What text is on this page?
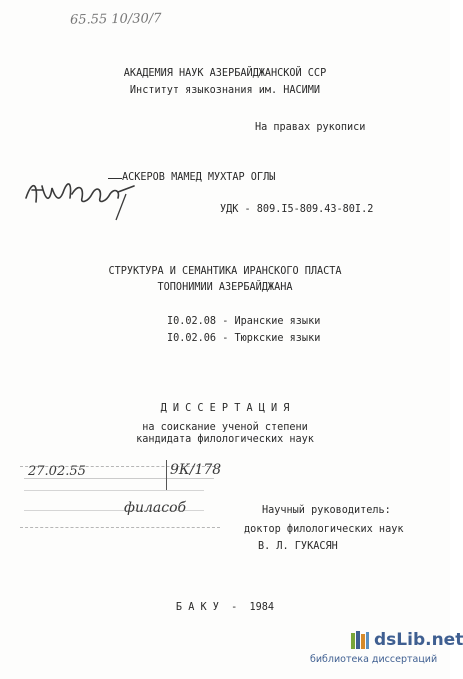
65.55 10/30/7
АКАДЕМИЯ НАУК АЗЕРБАЙДЖАНСКОЙ ССР
Институт языкознания им. НАСИМИ
На правах рукописи
АСКЕРОВ МАМЕД МУХТАР ОГЛЫ
УДК - 809.I5-809.43-80I.2
СТРУКТУРА И СЕМАНТИКА ИРАНСКОГО ПЛАСТА
ТОПОНИМИИ АЗЕРБАЙДЖАНА
I0.02.08 - Иранские языки
I0.02.06 - Тюркские языки
Д И С С Е Р Т А Ц И Я
на соискание ученой степени
кандидата филологических наук
27.02.55	9К/178
филасоб	Научный руководитель:
доктор филологических наук
В. Л. ГУКАСЯН
Б А К У  -  1984
dsLib.net
библиотека диссертаций
